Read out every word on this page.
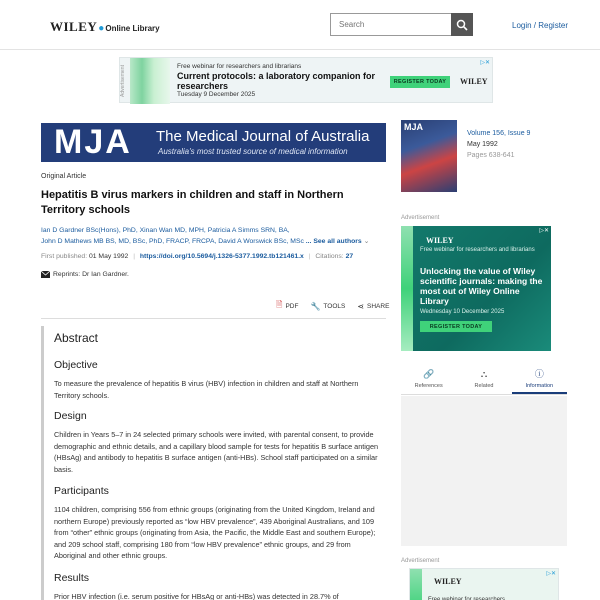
WILEY ● Online Library
Search	Login / Register
Advertisement	Free webinar for researchers and librarians
Current protocols: a laboratory companion for researchers
Tuesday 9 December 2025
REGISTER TODAY	WILEY
▷✕
MJA The Medical Journal of Australia
Australia's most trusted source of medical information
Original Article
Hepatitis B virus markers in children and staff in Northern Territory schools
Ian D Gardner BSc(Hons), PhD, Xinan Wan MD, MPH, Patricia A Simms SRN, BA,
John D Mathews MB BS, MD, BSc, PhD, FRACP, FRCPA, David A Worswick BSc, MSc ... See all authors ⌄
First published: 01 May 1992 | https://doi.org/10.5694/j.1326-5377.1992.tb121461.x | Citations: 27
Reprints: Dr Ian Gardner.
🗎 PDF 🔧 TOOLS ⋖ SHARE
Abstract
Objective

To measure the prevalence of hepatitis B virus (HBV) infection in children and staff at Northern Territory schools.

Design

Children in Years 5–7 in 24 selected primary schools were invited, with parental consent, to provide demographic and ethnic details, and a capillary blood sample for tests for hepatitis B surface antigen (HBsAg) and antibody to hepatitis B surface antigen (anti-HBs). School staff participated on a similar basis.

Participants

1104 children, comprising 556 from ethnic groups (originating from the United Kingdom, Ireland and northern Europe) previously reported as “low HBV prevalence”, 439 Aboriginal Australians, and 109 from “other” ethnic groups (originating from Asia, the Pacific, the Middle East and southern Europe); and 209 school staff, comprising 180 from “low HBV prevalence” ethnic groups, and 29 from Aboriginal and other ethnic groups.

Results

Prior HBV infection (i.e. serum positive for HBsAg or anti-HBs) was detected in 28.7% of

MJA
Volume 156, Issue 9
May 1992
Pages 638-641
Advertisement
WILEY
Free webinar for researchers and librarians
Unlocking the value of Wiley scientific journals: making the most out of Wiley Online Library
Wednesday 10 December 2025
REGISTER TODAY
▷✕
🔗
References
⛬
Related
ⓘ
Information
Advertisement
WILEY
Free webinar for researchers
▷✕
